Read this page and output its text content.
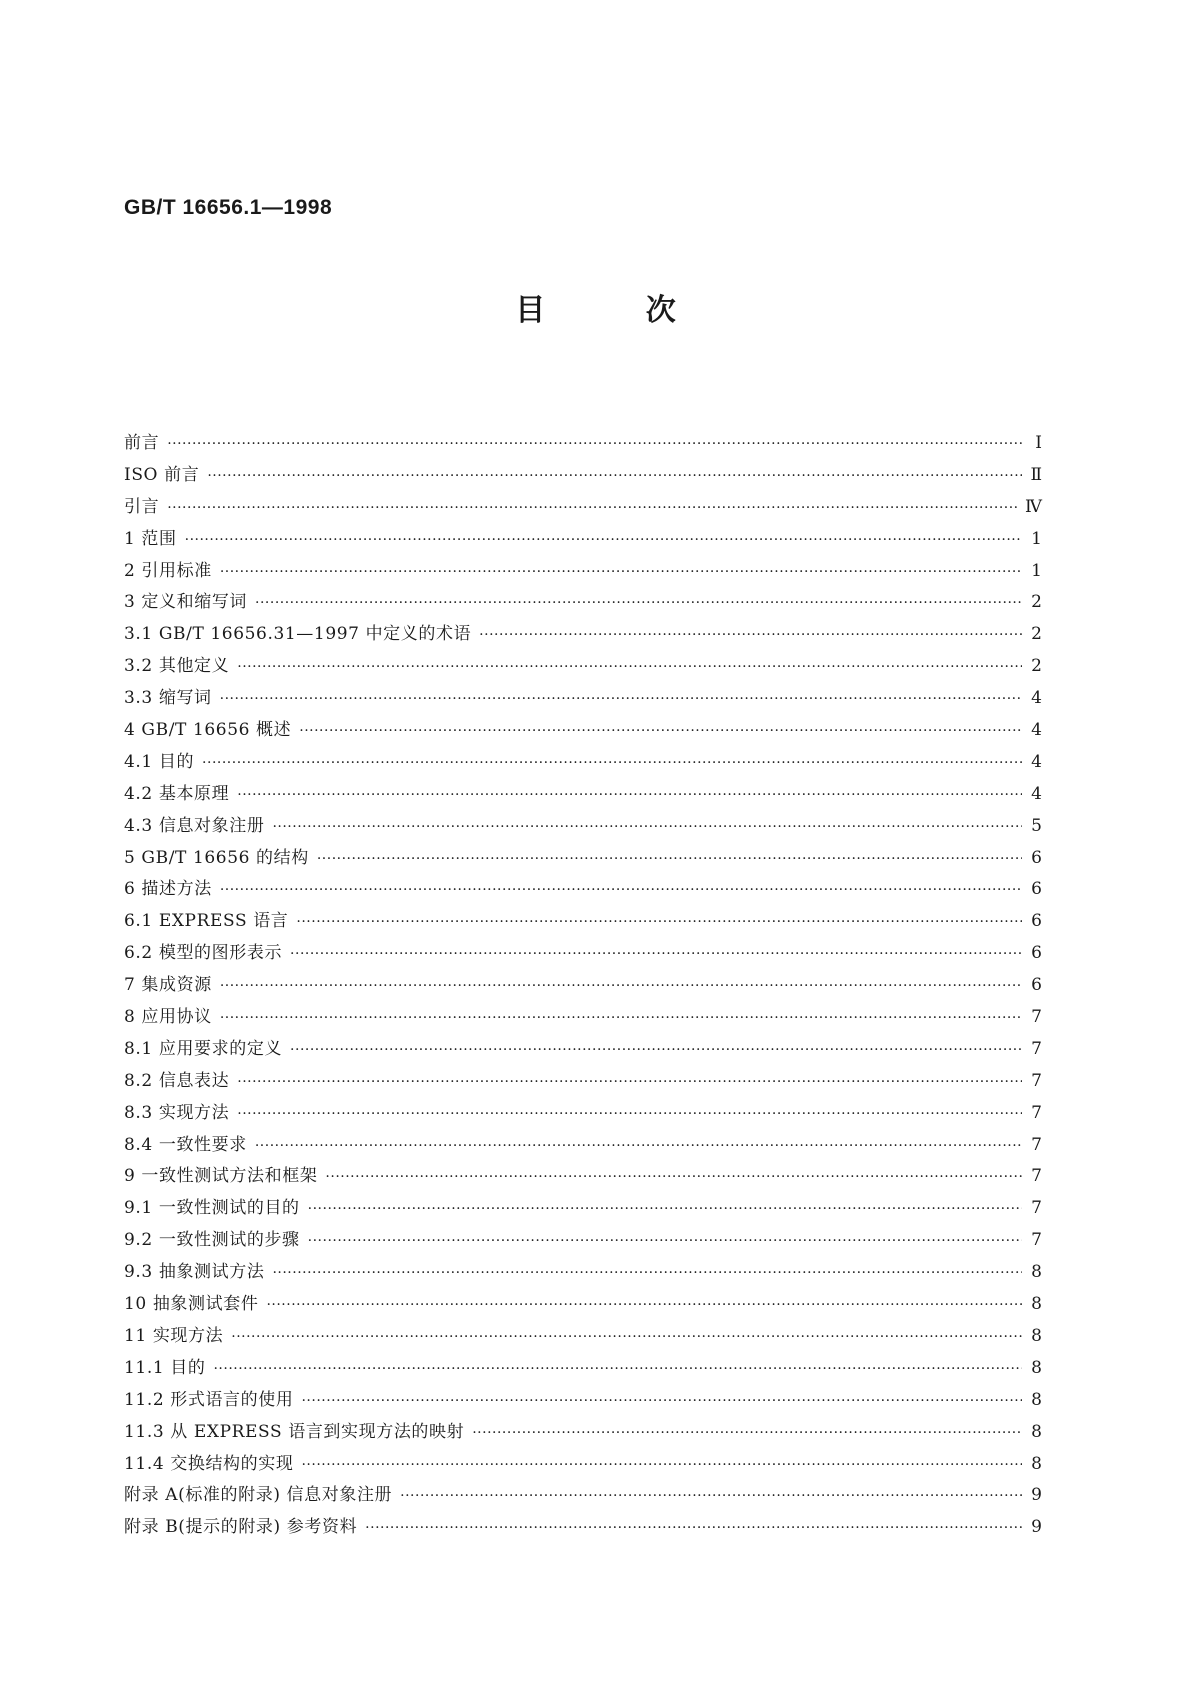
GB/T 16656.1—1998
目 次
前言 ·····	Ⅰ
ISO 前言 ·····	Ⅱ
引言 ·····	Ⅳ
1 范围 ·····	1
2 引用标准 ·····	1
3 定义和缩写词 ·····	2
3.1 GB/T 16656.31—1997 中定义的术语 ·····	2
3.2 其他定义 ·····	2
3.3 缩写词 ·····	4
4 GB/T 16656 概述 ·····	4
4.1 目的 ·····	4
4.2 基本原理 ·····	4
4.3 信息对象注册 ·····	5
5 GB/T 16656 的结构 ·····	6
6 描述方法 ·····	6
6.1 EXPRESS 语言 ·····	6
6.2 模型的图形表示 ·····	6
7 集成资源 ·····	6
8 应用协议 ·····	7
8.1 应用要求的定义 ·····	7
8.2 信息表达 ·····	7
8.3 实现方法 ·····	7
8.4 一致性要求 ·····	7
9 一致性测试方法和框架 ·····	7
9.1 一致性测试的目的 ·····	7
9.2 一致性测试的步骤 ·····	7
9.3 抽象测试方法 ·····	8
10 抽象测试套件 ·····	8
11 实现方法 ·····	8
11.1 目的 ·····	8
11.2 形式语言的使用 ·····	8
11.3 从 EXPRESS 语言到实现方法的映射 ·····	8
11.4 交换结构的实现 ·····	8
附录 A(标准的附录) 信息对象注册 ·····	9
附录 B(提示的附录) 参考资料 ·····	9
